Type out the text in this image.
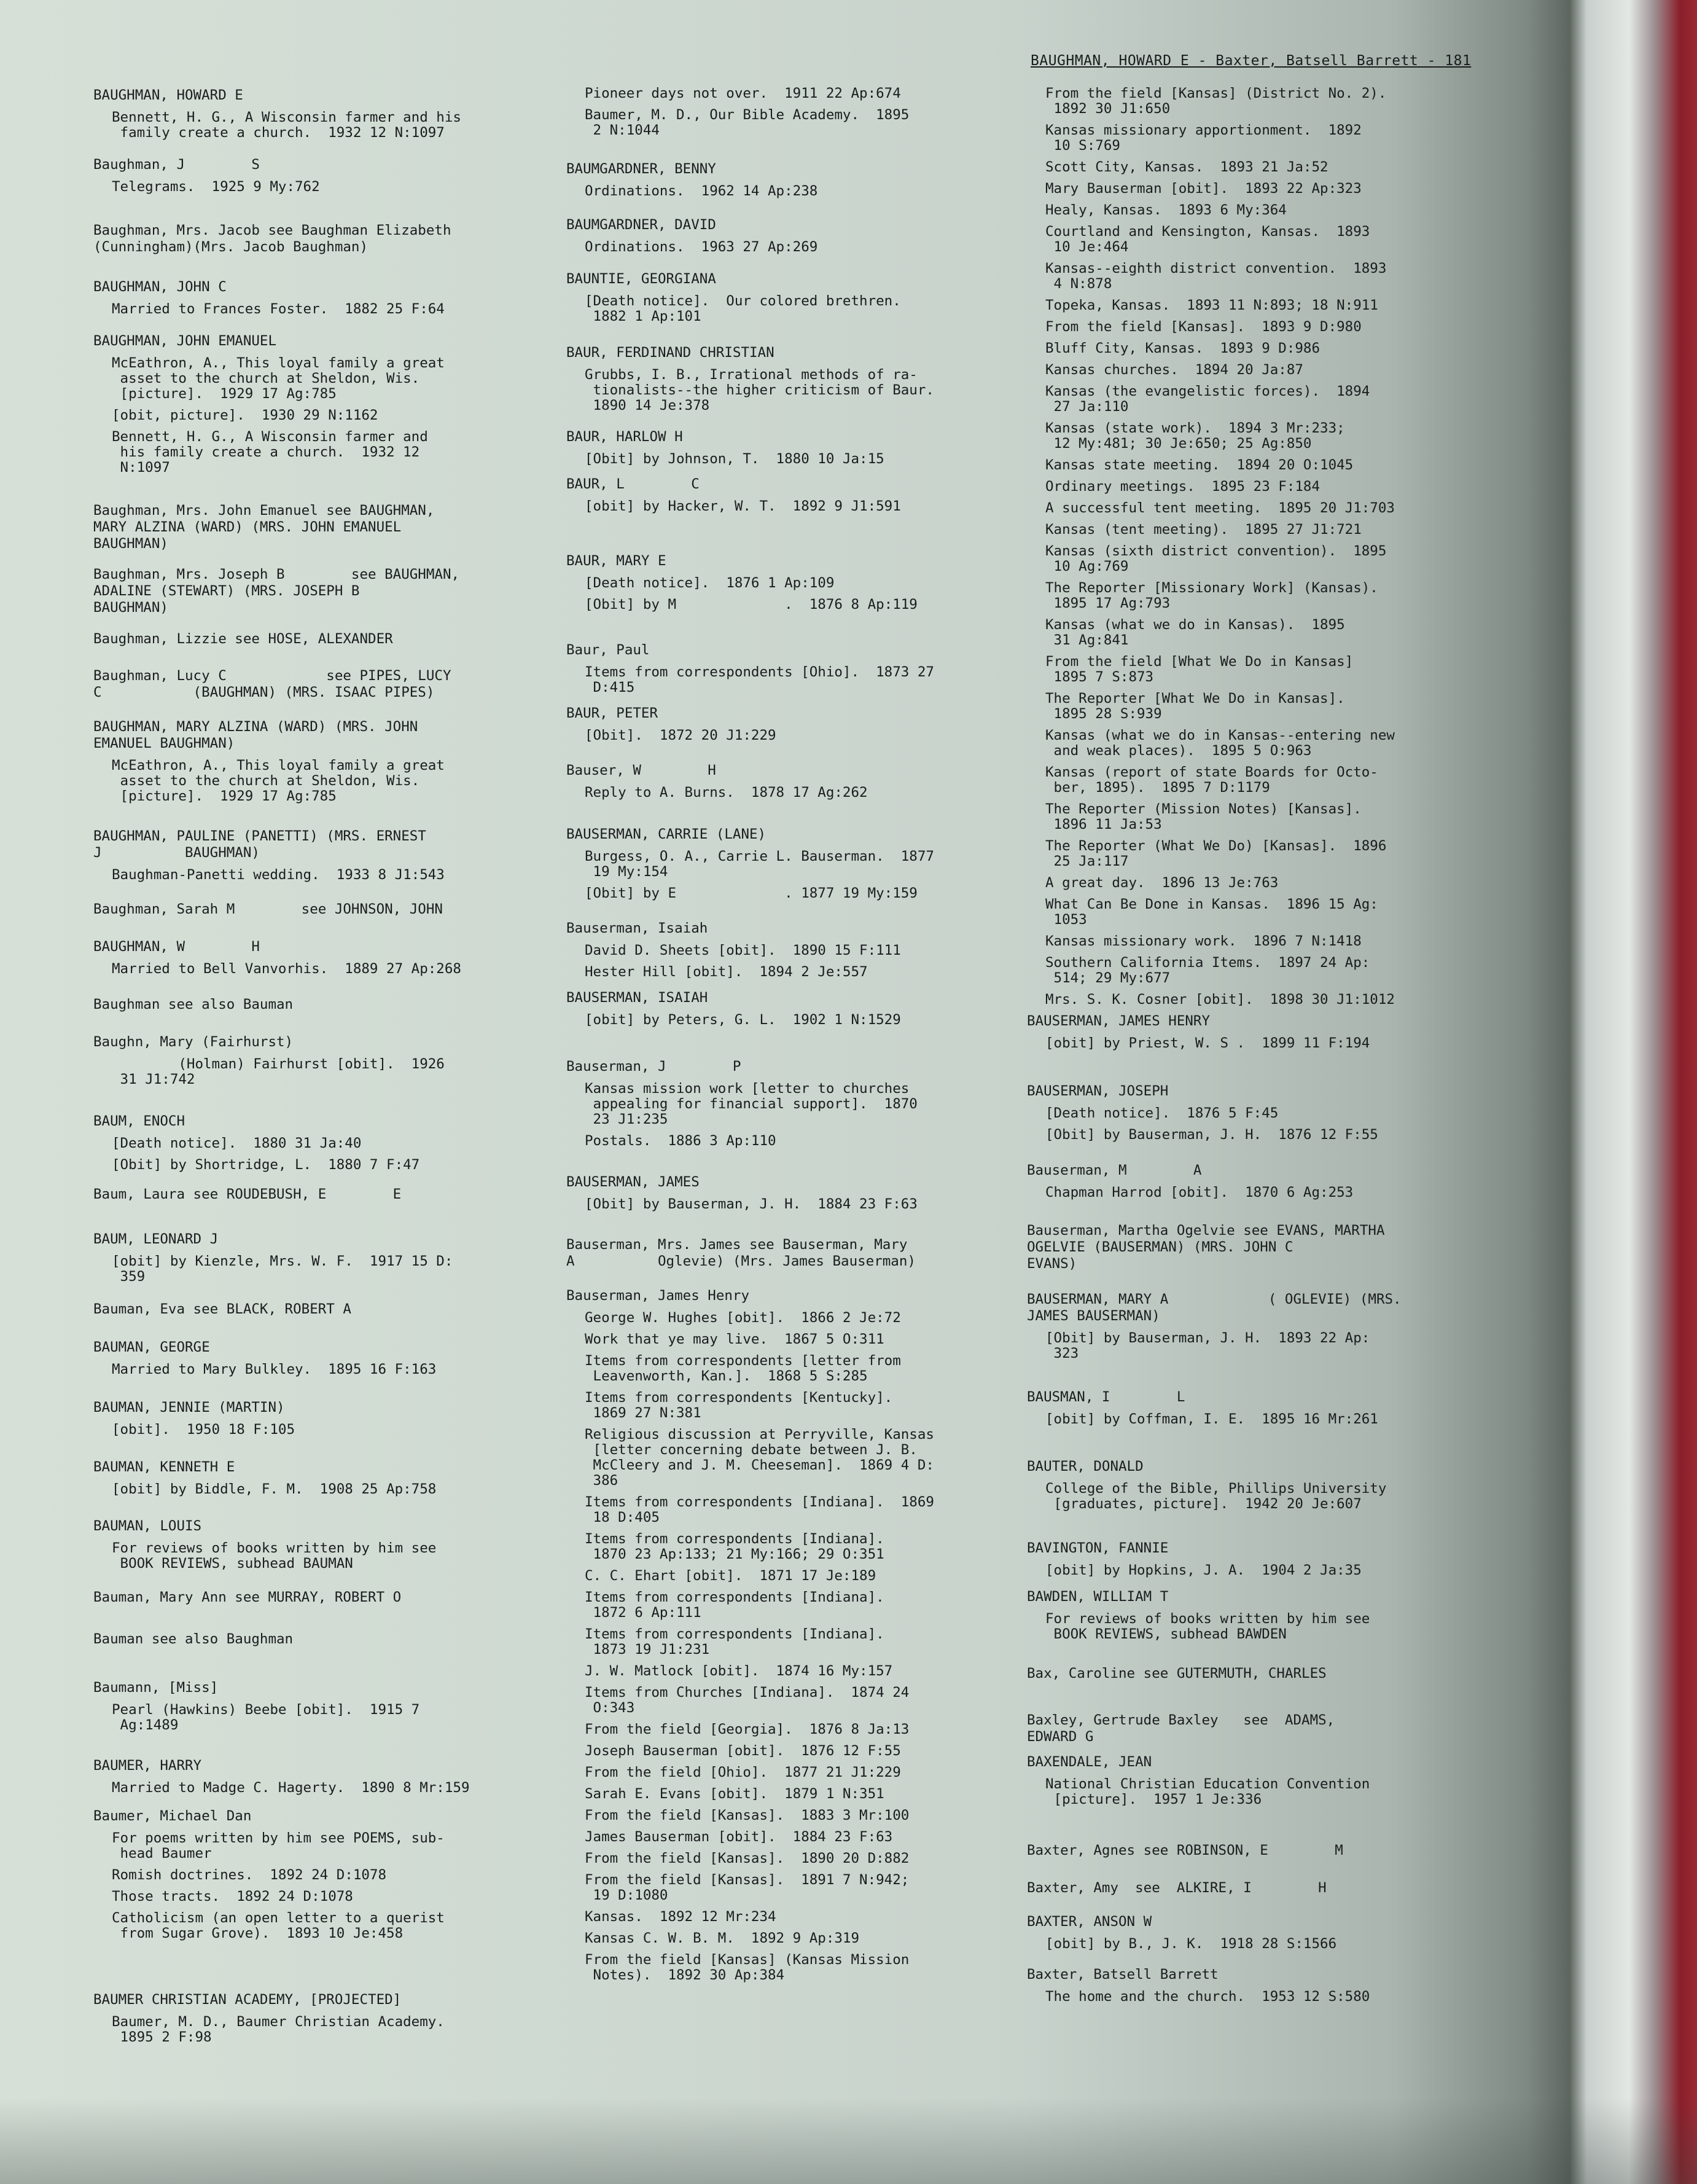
BAUGHMAN, HOWARD E - Baxter, Batsell Barrett - 181
BAUGHMAN, HOWARD E
Bennett, H. G., A Wisconsin farmer and his
family create a church.  1932 12 N:1097
Baughman, J        S
Telegrams.  1925 9 My:762
Baughman, Mrs. Jacob see Baughman Elizabeth
(Cunningham)(Mrs. Jacob Baughman)
BAUGHMAN, JOHN C
Married to Frances Foster.  1882 25 F:64
BAUGHMAN, JOHN EMANUEL
McEathron, A., This loyal family a great
asset to the church at Sheldon, Wis.
[picture].  1929 17 Ag:785
[obit, picture].  1930 29 N:1162
Bennett, H. G., A Wisconsin farmer and
his family create a church.  1932 12
N:1097
Baughman, Mrs. John Emanuel see BAUGHMAN,
MARY ALZINA (WARD) (MRS. JOHN EMANUEL
BAUGHMAN)
Baughman, Mrs. Joseph B        see BAUGHMAN,
ADALINE (STEWART) (MRS. JOSEPH B
BAUGHMAN)
Baughman, Lizzie see HOSE, ALEXANDER
Baughman, Lucy C            see PIPES, LUCY
C           (BAUGHMAN) (MRS. ISAAC PIPES)
BAUGHMAN, MARY ALZINA (WARD) (MRS. JOHN
EMANUEL BAUGHMAN)
McEathron, A., This loyal family a great
asset to the church at Sheldon, Wis.
[picture].  1929 17 Ag:785
BAUGHMAN, PAULINE (PANETTI) (MRS. ERNEST
J          BAUGHMAN)
Baughman-Panetti wedding.  1933 8 J1:543
Baughman, Sarah M        see JOHNSON, JOHN
BAUGHMAN, W        H
Married to Bell Vanvorhis.  1889 27 Ap:268
Baughman see also Bauman
Baughn, Mary (Fairhurst)
(Holman) Fairhurst [obit].  1926
31 J1:742
BAUM, ENOCH
[Death notice].  1880 31 Ja:40
[Obit] by Shortridge, L.  1880 7 F:47
Baum, Laura see ROUDEBUSH, E        E
BAUM, LEONARD J
[obit] by Kienzle, Mrs. W. F.  1917 15 D:
359
Bauman, Eva see BLACK, ROBERT A
BAUMAN, GEORGE
Married to Mary Bulkley.  1895 16 F:163
BAUMAN, JENNIE (MARTIN)
[obit].  1950 18 F:105
BAUMAN, KENNETH E
[obit] by Biddle, F. M.  1908 25 Ap:758
BAUMAN, LOUIS
For reviews of books written by him see
BOOK REVIEWS, subhead BAUMAN
Bauman, Mary Ann see MURRAY, ROBERT O
Bauman see also Baughman
Baumann, [Miss]
Pearl (Hawkins) Beebe [obit].  1915 7
Ag:1489
BAUMER, HARRY
Married to Madge C. Hagerty.  1890 8 Mr:159
Baumer, Michael Dan
For poems written by him see POEMS, sub-
head Baumer
Romish doctrines.  1892 24 D:1078
Those tracts.  1892 24 D:1078
Catholicism (an open letter to a querist
from Sugar Grove).  1893 10 Je:458
BAUMER CHRISTIAN ACADEMY, [PROJECTED]
Baumer, M. D., Baumer Christian Academy.
1895 2 F:98
Pioneer days not over.  1911 22 Ap:674
Baumer, M. D., Our Bible Academy.  1895
2 N:1044
BAUMGARDNER, BENNY
Ordinations.  1962 14 Ap:238
BAUMGARDNER, DAVID
Ordinations.  1963 27 Ap:269
BAUNTIE, GEORGIANA
[Death notice].  Our colored brethren.
1882 1 Ap:101
BAUR, FERDINAND CHRISTIAN
Grubbs, I. B., Irrational methods of ra-
tionalists--the higher criticism of Baur.
1890 14 Je:378
BAUR, HARLOW H
[Obit] by Johnson, T.  1880 10 Ja:15
BAUR, L        C
[obit] by Hacker, W. T.  1892 9 J1:591
BAUR, MARY E
[Death notice].  1876 1 Ap:109
[Obit] by M             .  1876 8 Ap:119
Baur, Paul
Items from correspondents [Ohio].  1873 27
D:415
BAUR, PETER
[Obit].  1872 20 J1:229
Bauser, W        H
Reply to A. Burns.  1878 17 Ag:262
BAUSERMAN, CARRIE (LANE)
Burgess, O. A., Carrie L. Bauserman.  1877
19 My:154
[Obit] by E             . 1877 19 My:159
Bauserman, Isaiah
David D. Sheets [obit].  1890 15 F:111
Hester Hill [obit].  1894 2 Je:557
BAUSERMAN, ISAIAH
[obit] by Peters, G. L.  1902 1 N:1529
Bauserman, J        P
Kansas mission work [letter to churches
appealing for financial support].  1870
23 J1:235
Postals.  1886 3 Ap:110
BAUSERMAN, JAMES
[Obit] by Bauserman, J. H.  1884 23 F:63
Bauserman, Mrs. James see Bauserman, Mary
A          Oglevie) (Mrs. James Bauserman)
Bauserman, James Henry
George W. Hughes [obit].  1866 2 Je:72
Work that ye may live.  1867 5 O:311
Items from correspondents [letter from
Leavenworth, Kan.].  1868 5 S:285
Items from correspondents [Kentucky].
1869 27 N:381
Religious discussion at Perryville, Kansas
[letter concerning debate between J. B.
McCleery and J. M. Cheeseman].  1869 4 D:
386
Items from correspondents [Indiana].  1869
18 D:405
Items from correspondents [Indiana].
1870 23 Ap:133; 21 My:166; 29 O:351
C. C. Ehart [obit].  1871 17 Je:189
Items from correspondents [Indiana].
1872 6 Ap:111
Items from correspondents [Indiana].
1873 19 J1:231
J. W. Matlock [obit].  1874 16 My:157
Items from Churches [Indiana].  1874 24
O:343
From the field [Georgia].  1876 8 Ja:13
Joseph Bauserman [obit].  1876 12 F:55
From the field [Ohio].  1877 21 J1:229
Sarah E. Evans [obit].  1879 1 N:351
From the field [Kansas].  1883 3 Mr:100
James Bauserman [obit].  1884 23 F:63
From the field [Kansas].  1890 20 D:882
From the field [Kansas].  1891 7 N:942;
19 D:1080
Kansas.  1892 12 Mr:234
Kansas C. W. B. M.  1892 9 Ap:319
From the field [Kansas] (Kansas Mission
Notes).  1892 30 Ap:384
From the field [Kansas] (District No. 2).
1892 30 J1:650
Kansas missionary apportionment.  1892
10 S:769
Scott City, Kansas.  1893 21 Ja:52
Mary Bauserman [obit].  1893 22 Ap:323
Healy, Kansas.  1893 6 My:364
Courtland and Kensington, Kansas.  1893
10 Je:464
Kansas--eighth district convention.  1893
4 N:878
Topeka, Kansas.  1893 11 N:893; 18 N:911
From the field [Kansas].  1893 9 D:980
Bluff City, Kansas.  1893 9 D:986
Kansas churches.  1894 20 Ja:87
Kansas (the evangelistic forces).  1894
27 Ja:110
Kansas (state work).  1894 3 Mr:233;
12 My:481; 30 Je:650; 25 Ag:850
Kansas state meeting.  1894 20 O:1045
Ordinary meetings.  1895 23 F:184
A successful tent meeting.  1895 20 J1:703
Kansas (tent meeting).  1895 27 J1:721
Kansas (sixth district convention).  1895
10 Ag:769
The Reporter [Missionary Work] (Kansas).
1895 17 Ag:793
Kansas (what we do in Kansas).  1895
31 Ag:841
From the field [What We Do in Kansas]
1895 7 S:873
The Reporter [What We Do in Kansas].
1895 28 S:939
Kansas (what we do in Kansas--entering new
and weak places).  1895 5 O:963
Kansas (report of state Boards for Octo-
ber, 1895).  1895 7 D:1179
The Reporter (Mission Notes) [Kansas].
1896 11 Ja:53
The Reporter (What We Do) [Kansas].  1896
25 Ja:117
A great day.  1896 13 Je:763
What Can Be Done in Kansas.  1896 15 Ag:
1053
Kansas missionary work.  1896 7 N:1418
Southern California Items.  1897 24 Ap:
514; 29 My:677
Mrs. S. K. Cosner [obit].  1898 30 J1:1012
BAUSERMAN, JAMES HENRY
[obit] by Priest, W. S .  1899 11 F:194
BAUSERMAN, JOSEPH
[Death notice].  1876 5 F:45
[Obit] by Bauserman, J. H.  1876 12 F:55
Bauserman, M        A
Chapman Harrod [obit].  1870 6 Ag:253
Bauserman, Martha Ogelvie see EVANS, MARTHA
OGELVIE (BAUSERMAN) (MRS. JOHN C
EVANS)
BAUSERMAN, MARY A            ( OGLEVIE) (MRS.
JAMES BAUSERMAN)
[Obit] by Bauserman, J. H.  1893 22 Ap:
323
BAUSMAN, I        L
[obit] by Coffman, I. E.  1895 16 Mr:261
BAUTER, DONALD
College of the Bible, Phillips University
[graduates, picture].  1942 20 Je:607
BAVINGTON, FANNIE
[obit] by Hopkins, J. A.  1904 2 Ja:35
BAWDEN, WILLIAM T
For reviews of books written by him see
BOOK REVIEWS, subhead BAWDEN
Bax, Caroline see GUTERMUTH, CHARLES
Baxley, Gertrude Baxley   see  ADAMS,
EDWARD G
BAXENDALE, JEAN
National Christian Education Convention
[picture].  1957 1 Je:336
Baxter, Agnes see ROBINSON, E        M
Baxter, Amy  see  ALKIRE, I        H
BAXTER, ANSON W
[obit] by B., J. K.  1918 28 S:1566
Baxter, Batsell Barrett
The home and the church.  1953 12 S:580
